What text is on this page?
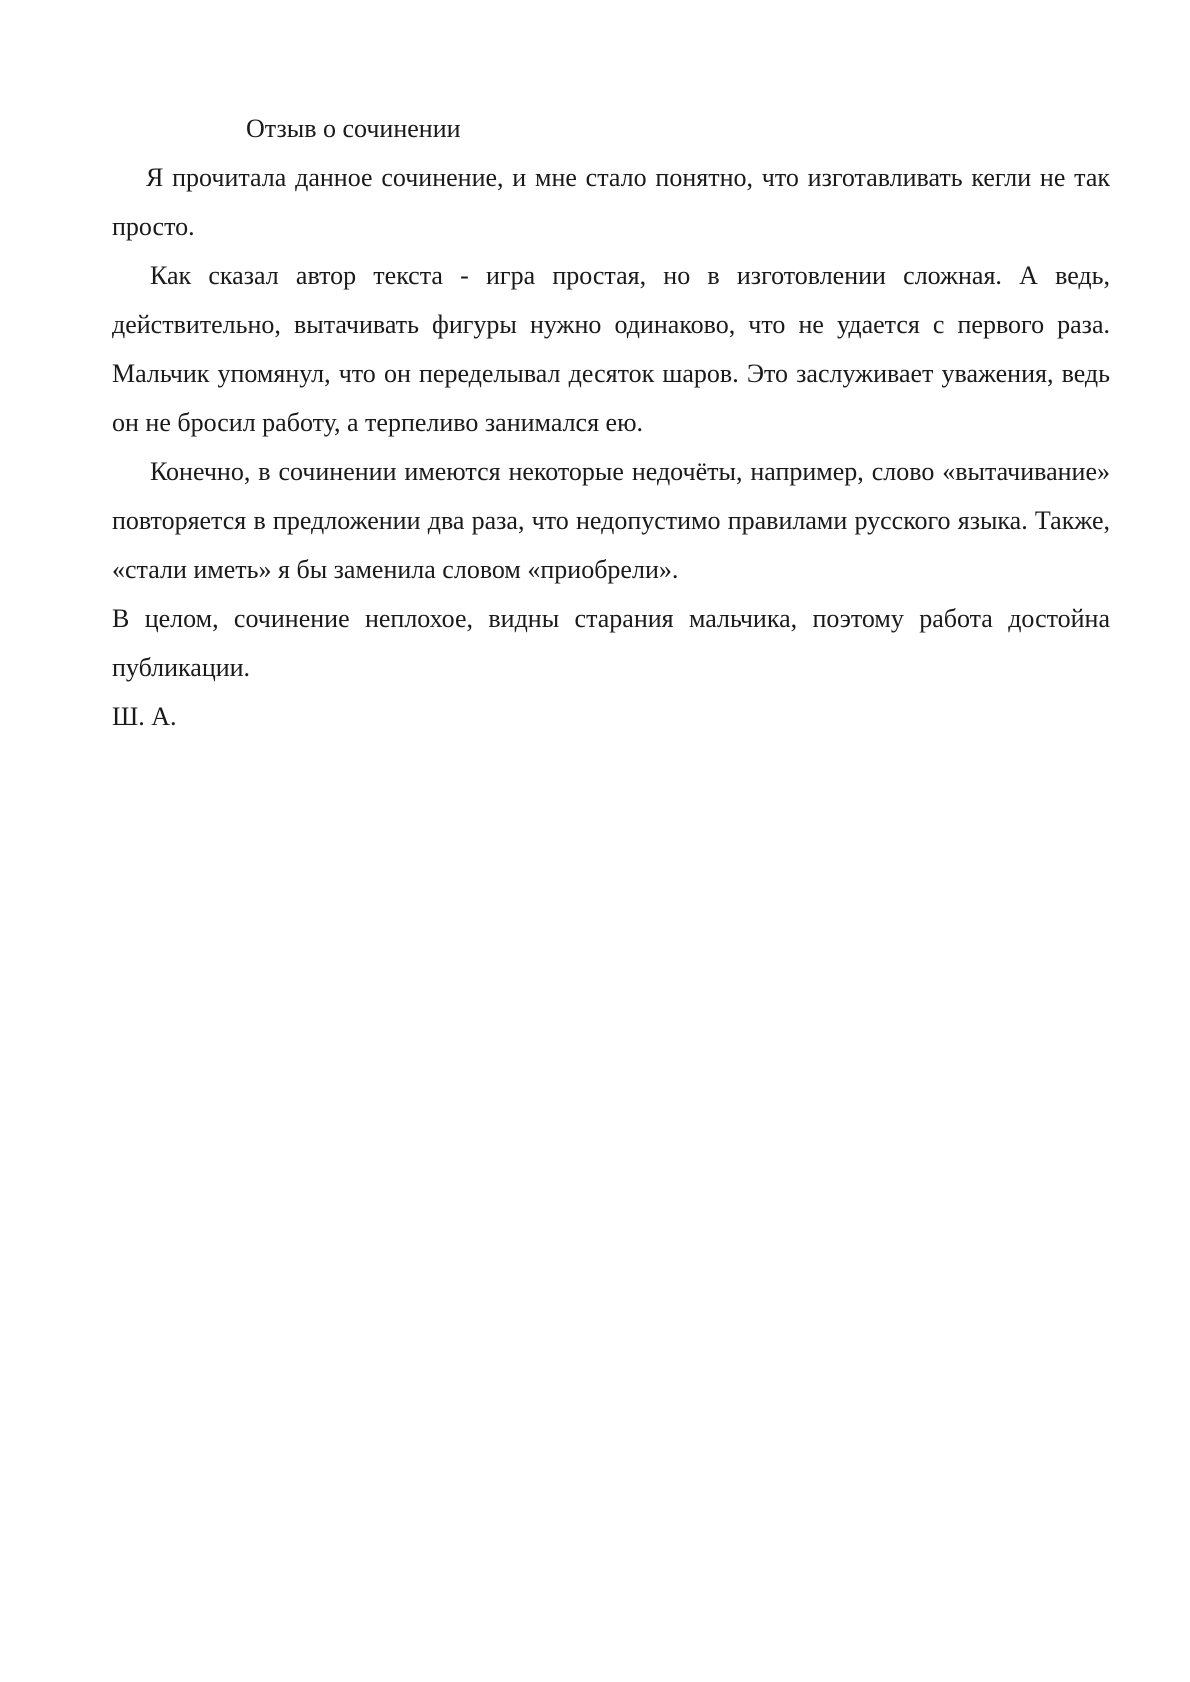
Отзыв о сочинении

Я прочитала данное сочинение, и мне стало понятно, что изготавливать кегли не так просто.

Как сказал автор текста - игра простая, но в изготовлении сложная. А ведь, действительно, вытачивать фигуры нужно одинаково, что не удается с первого раза. Мальчик упомянул, что он переделывал десяток шаров. Это заслуживает уважения, ведь он не бросил работу, а терпеливо занимался ею.

Конечно, в сочинении имеются некоторые недочёты, например, слово «вытачивание» повторяется в предложении два раза, что недопустимо правилами русского языка. Также, «стали иметь» я бы заменила словом «приобрели».

В целом, сочинение неплохое, видны старания мальчика, поэтому работа достойна публикации.

Ш. А.
